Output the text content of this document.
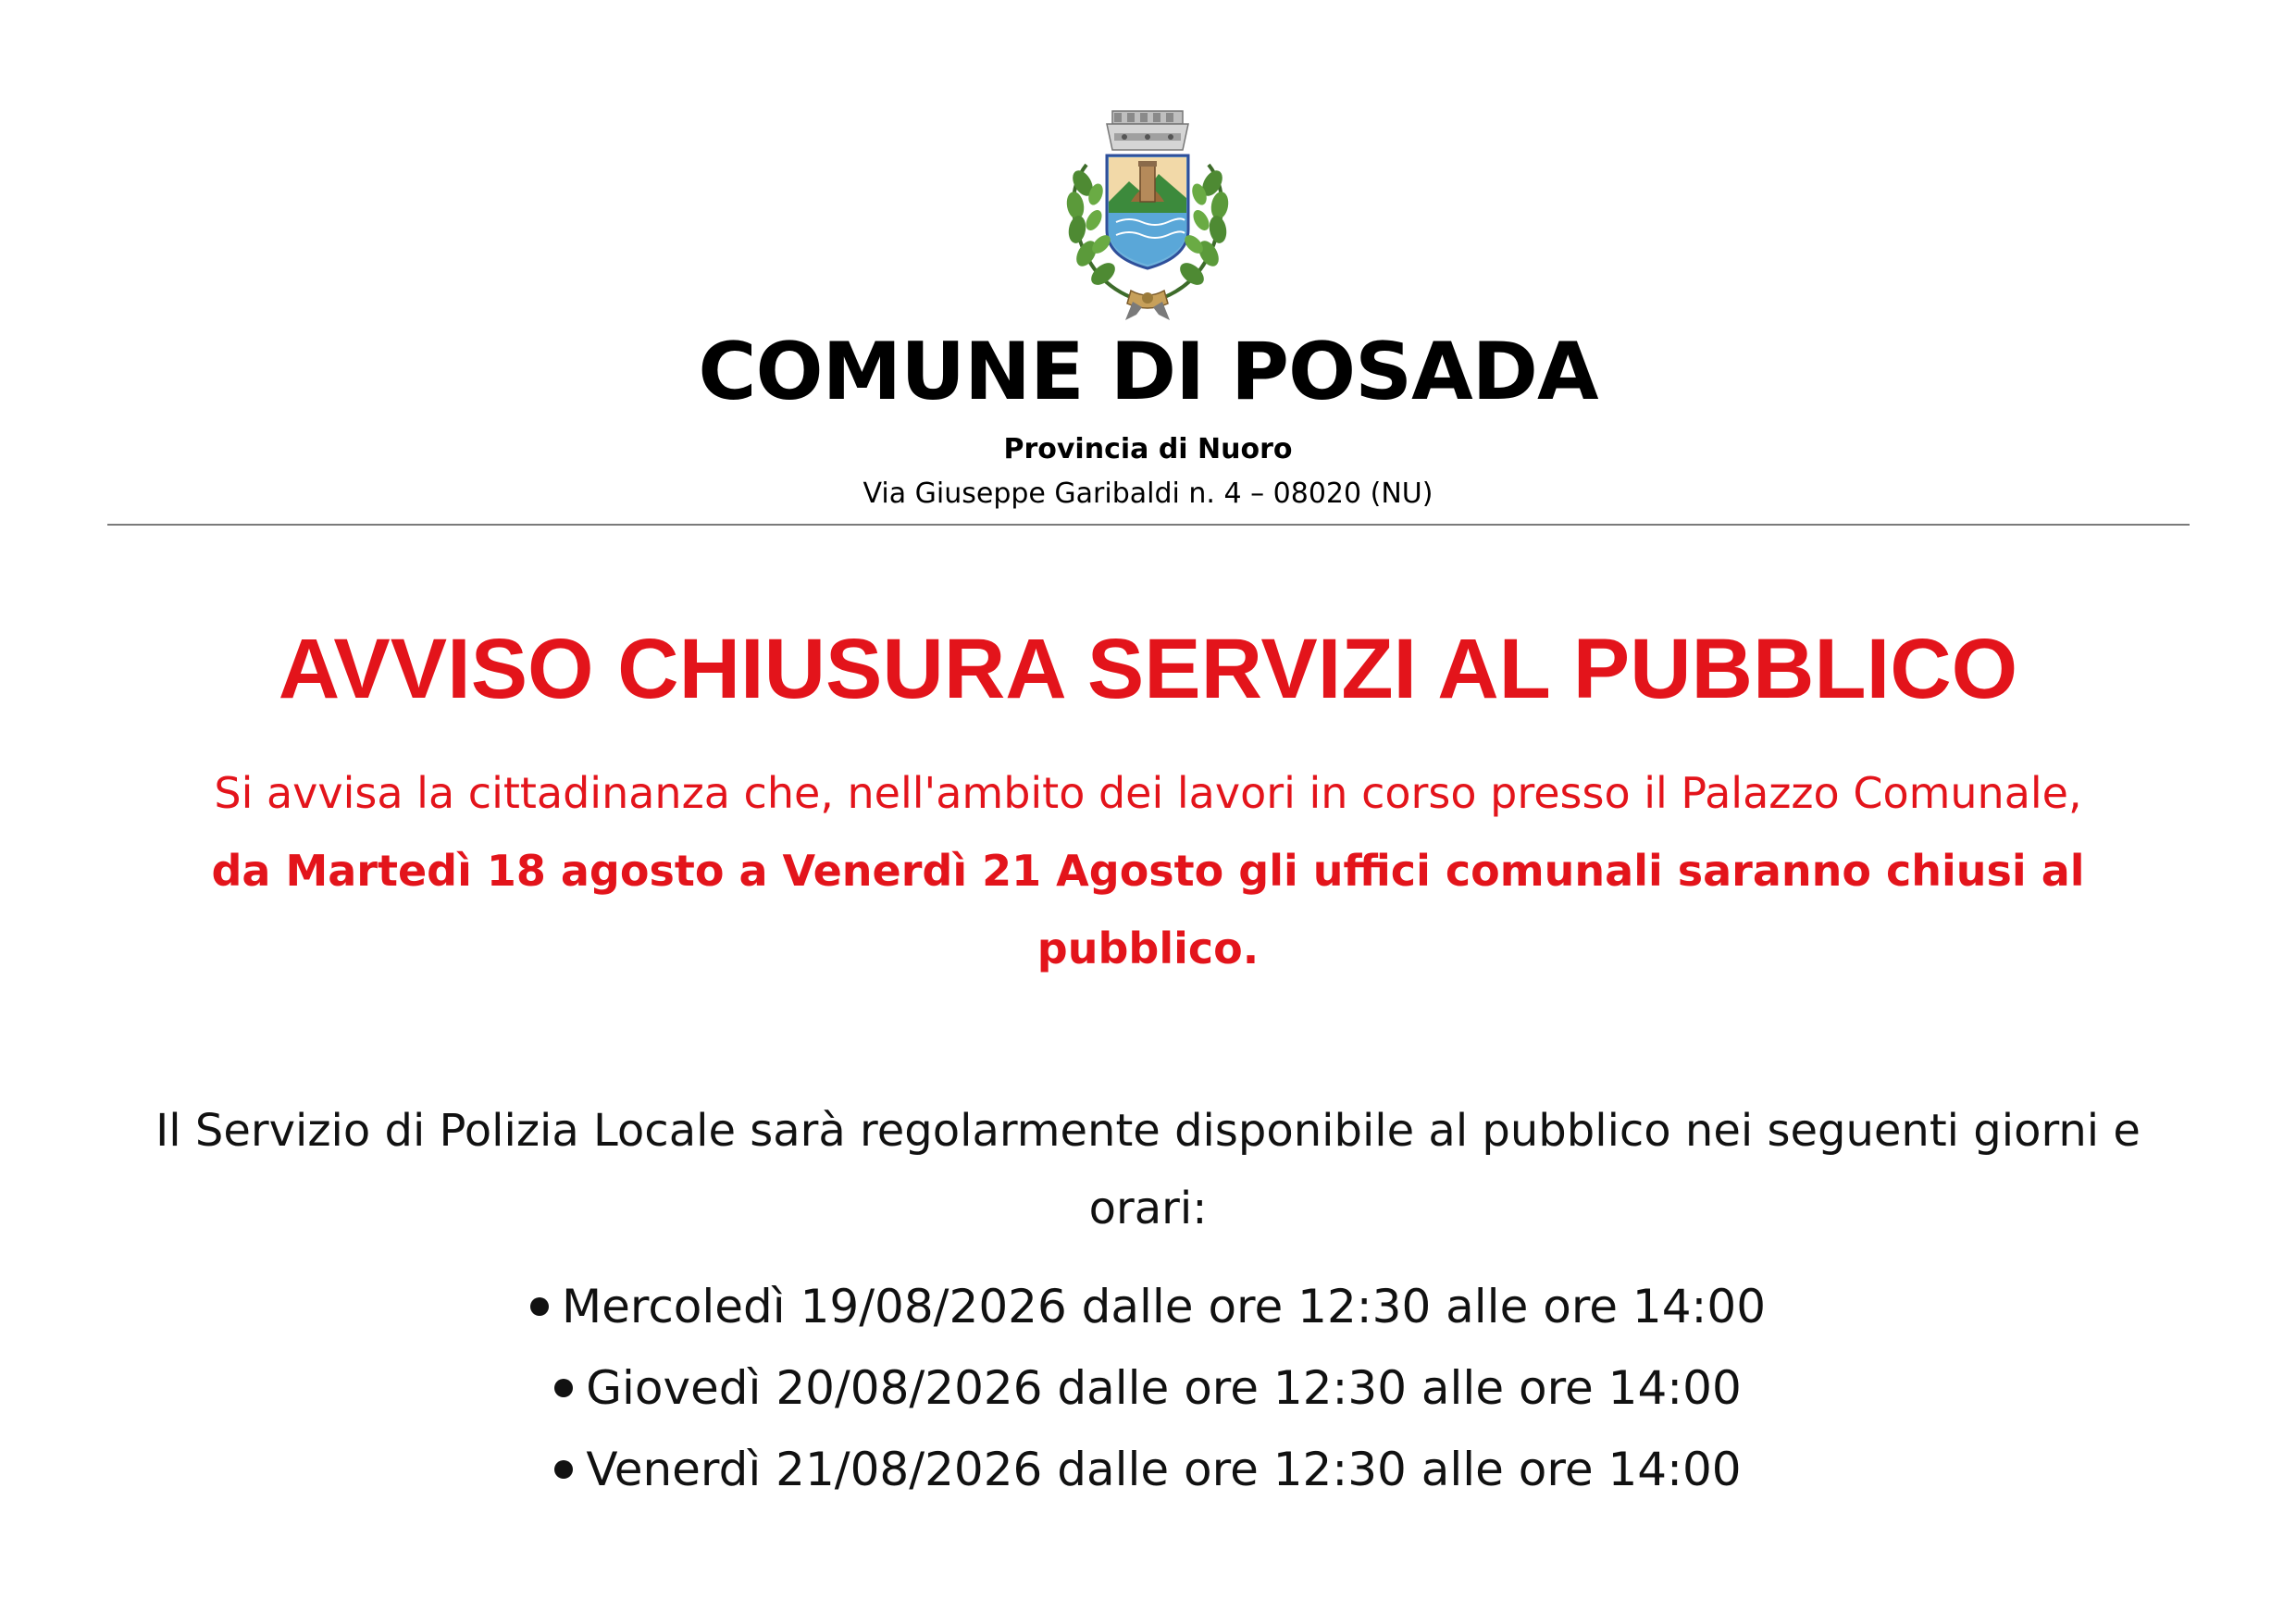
COMUNE DI POSADA
Provincia di Nuoro
Via Giuseppe Garibaldi n. 4 – 08020 (NU)
AVVISO CHIUSURA SERVIZI AL PUBBLICO
Si avvisa la cittadinanza che, nell'ambito dei lavori in corso presso il Palazzo Comunale,
da Martedì 18 agosto a Venerdì 21 Agosto gli uffici comunali saranno chiusi al pubblico.
Il Servizio di Polizia Locale sarà regolarmente disponibile al pubblico nei seguenti giorni e orari:
Mercoledì 19/08/2026 dalle ore 12:30 alle ore 14:00
Giovedì 20/08/2026 dalle ore 12:30 alle ore 14:00
Venerdì 21/08/2026 dalle ore 12:30 alle ore 14:00
